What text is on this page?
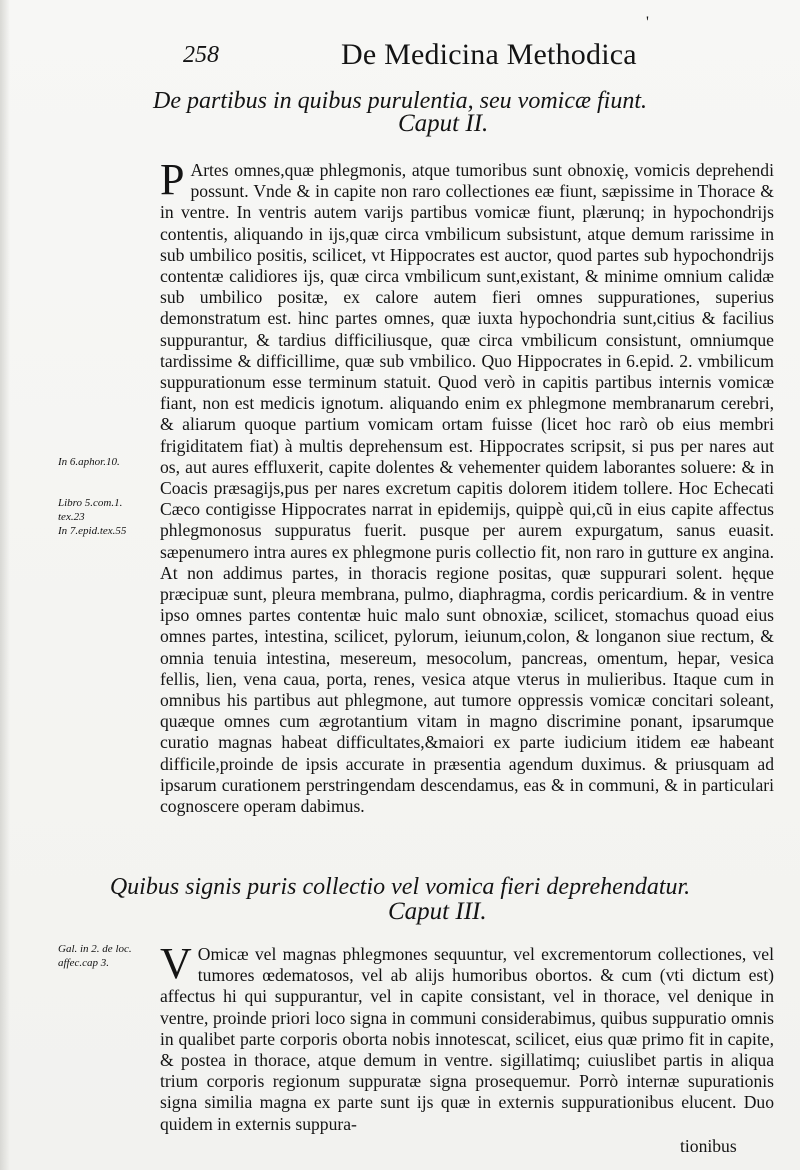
'
258	De Medicina Methodica
De partibus in quibus purulentia, seu vomicæ fiunt.
Caput II.

P Artes omnes,quæ phlegmonis, atque tumoribus sunt obnoxię, vomicis deprehendi possunt. Vnde & in capite non raro collectiones eæ fiunt, sæpissime in Thorace & in ventre. In ventris autem varijs partibus vomicæ fiunt, plærunq; in hypochondrijs contentis, aliquando in ijs,quæ circa vmbilicum subsistunt, atque demum rarissime in sub umbilico positis, scilicet, vt Hippocrates est auctor, quod partes sub hypochondrijs contentæ calidiores ijs, quæ circa vmbilicum sunt,existant, & minime omnium calidæ sub umbilico positæ, ex calore autem fieri omnes suppurationes, superius demonstratum est. hinc partes omnes, quæ iuxta hypochondria sunt,citius & facilius suppurantur, & tardius difficiliusque, quæ circa vmbilicum consistunt, omniumque tardissime & difficillime, quæ sub vmbilico. Quo Hippocrates in 6.epid. 2. vmbilicum suppurationum esse terminum statuit. Quod verò in capitis partibus internis vomicæ fiant, non est medicis ignotum. aliquando enim ex phlegmone membranarum cerebri, & aliarum quoque partium vomicam ortam fuisse (licet hoc rarò ob eius membri frigiditatem fiat) à multis deprehensum est. Hippocrates scripsit, si pus per nares aut os, aut aures effluxerit, capite dolentes & vehementer quidem laborantes soluere: & in Coacis præsagijs,pus per nares excretum capitis dolorem itidem tollere. Hoc Echecati Cæco contigisse Hippocrates narrat in epidemijs, quippè qui,cũ in eius capite affectus phlegmonosus suppuratus fuerit. pusque per aurem expurgatum, sanus euasit. sæpenumero intra aures ex phlegmone puris collectio fit, non raro in gutture ex angina. At non addimus partes, in thoracis regione positas, quæ suppurari solent. hęque præcipuæ sunt, pleura membrana, pulmo, diaphragma, cordis pericardium. & in ventre ipso omnes partes contentæ huic malo sunt obnoxiæ, scilicet, stomachus quoad eius omnes partes, intestina, scilicet, pylorum, ieiunum,colon, & longanon siue rectum, & omnia tenuia intestina, mesereum, mesocolum, pancreas, omentum, hepar, vesica fellis, lien, vena caua, porta, renes, vesica atque vterus in mulieribus. Itaque cum in omnibus his partibus aut phlegmone, aut tumore oppressis vomicæ concitari soleant, quæque omnes cum ægrotantium vitam in magno discrimine ponant, ipsarumque curatio magnas habeat difficultates,&maiori ex parte iudicium itidem eæ habeant difficile,proinde de ipsis accurate in præsentia agendum duximus. & priusquam ad ipsarum curationem perstringendam descendamus, eas & in communi, & in particulari cognoscere operam dabimus.

In 6.aphor.10.
Libro 5.com.1. tex.23
In 7.epid.tex.55
Quibus signis puris collectio vel vomica fieri deprehendatur.
Caput III.
Gal. in 2. de loc. affec.cap 3.	V Omicæ vel magnas phlegmones sequuntur, vel excrementorum collectiones, vel tumores œdematosos, vel ab alijs humoribus obortos. & cum (vti dictum est) affectus hi qui suppurantur, vel in capite consistant, vel in thorace, vel denique in ventre, proinde priori loco signa in communi considerabimus, quibus suppuratio omnis in qualibet parte corporis oborta nobis innotescat, scilicet, eius quæ primo fit in capite, & postea in thorace, atque demum in ventre. sigillatimq; cuiuslibet partis in aliqua trium corporis regionum suppuratæ signa prosequemur. Porrò internæ supurationis signa similia magna ex parte sunt ijs quæ in externis suppurationibus elucent. Duo quidem in externis suppura-

tionibus
